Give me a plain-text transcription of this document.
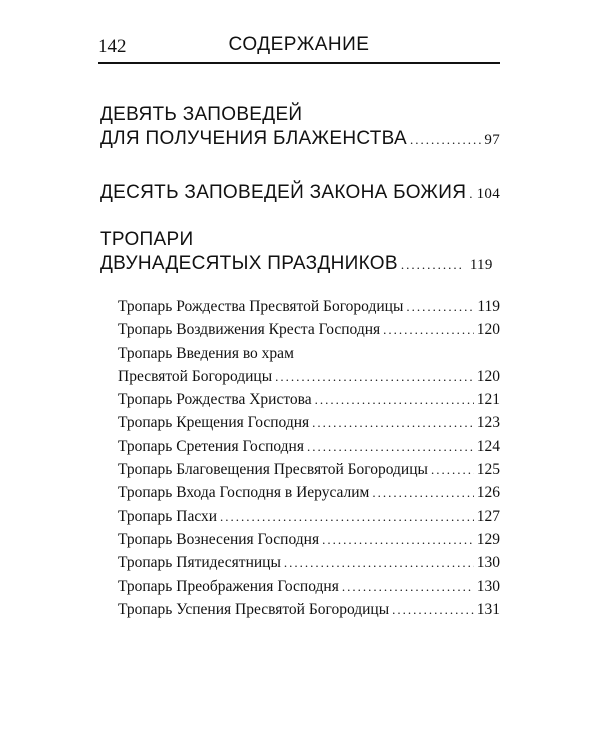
142	СОДЕРЖАНИЕ
ДЕВЯТЬ ЗАПОВЕДЕЙ
ДЛЯ ПОЛУЧЕНИЯ БЛАЖЕНСТВА .....	97
ДЕСЯТЬ ЗАПОВЕДЕЙ ЗАКОНА БОЖИЯ ..... 104
ТРОПАРИ
ДВУНАДЕСЯТЫХ ПРАЗДНИКОВ .....	119
Тропарь Рождества Пресвятой Богородицы .....	119
Тропарь Воздвижения Креста Господня .....	120
Тропарь Введения во храм
Пресвятой Богородицы .....	120
Тропарь Рождества Христова .....	121
Тропарь Крещения Господня .....	123
Тропарь Сретения Господня .....	124
Тропарь Благовещения Пресвятой Богородицы .....	125
Тропарь Входа Господня в Иерусалим .....	126
Тропарь Пасхи .....	127
Тропарь Вознесения Господня .....	129
Тропарь Пятидесятницы .....	130
Тропарь Преображения Господня .....	130
Тропарь Успения Пресвятой Богородицы .....	131
